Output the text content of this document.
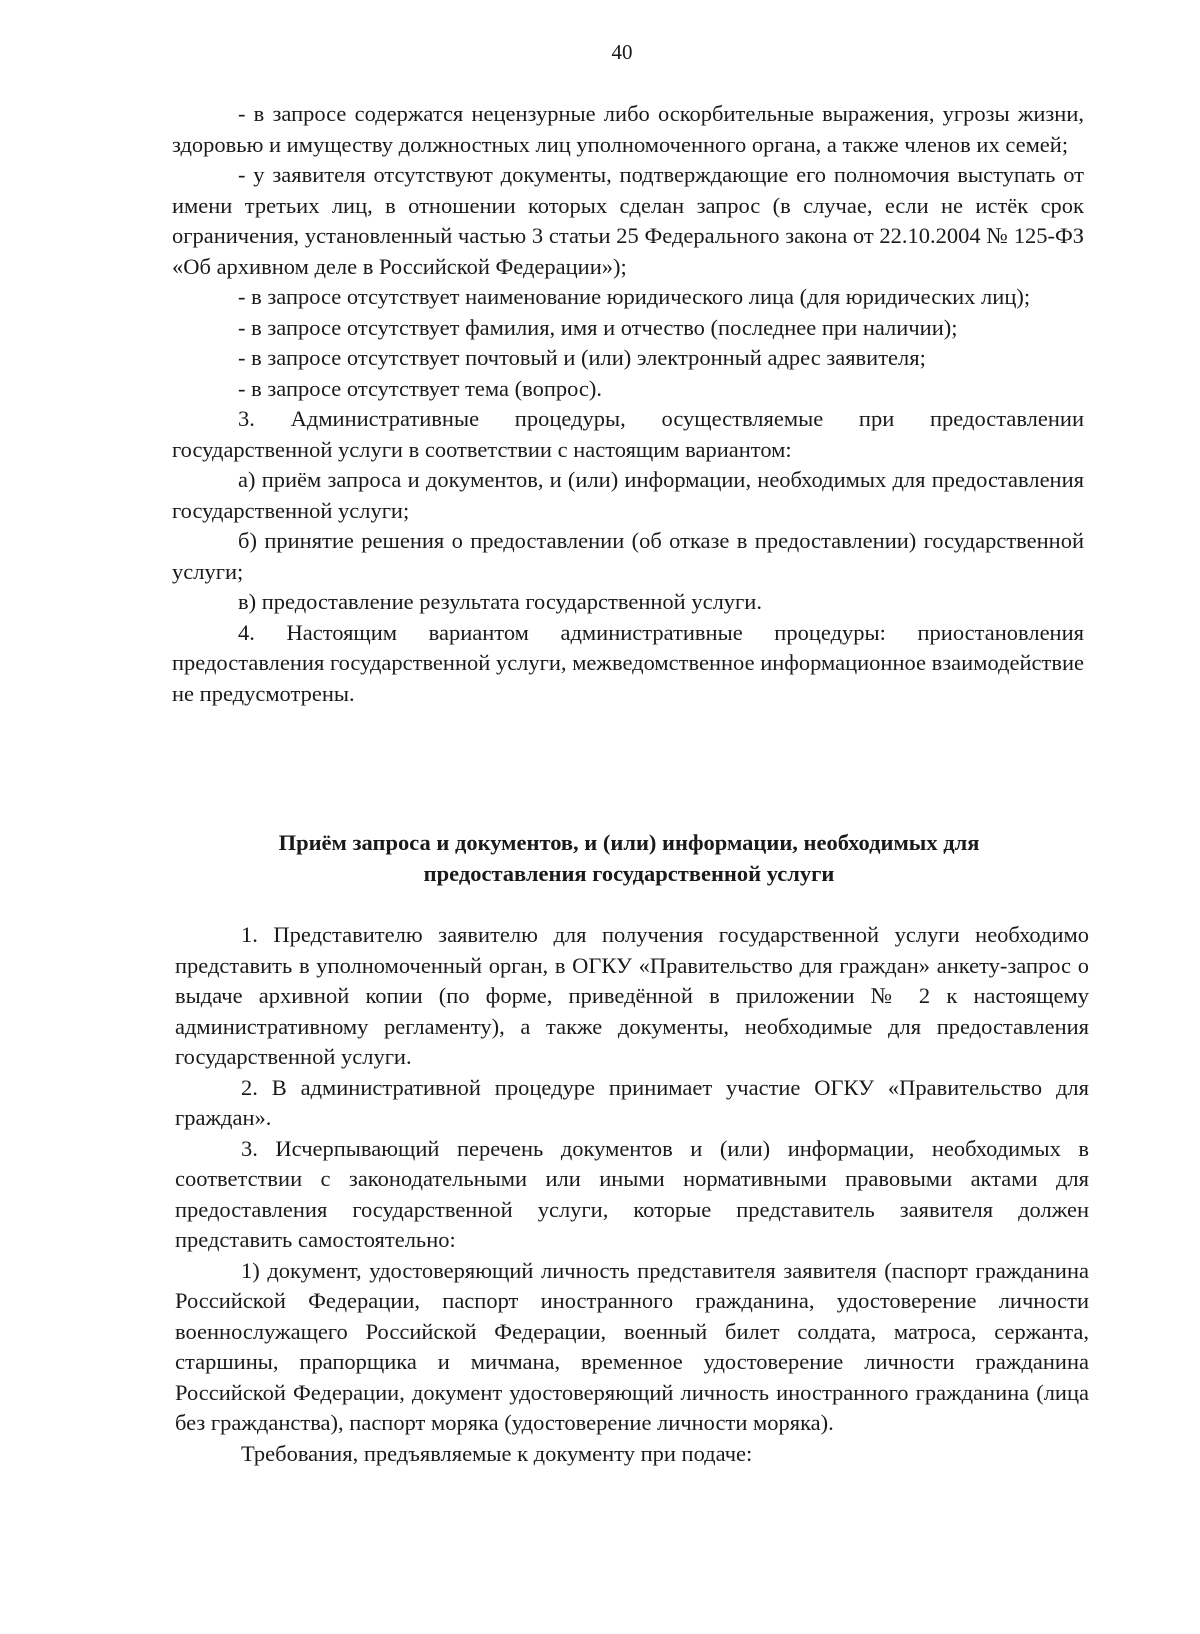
40

- в запросе содержатся нецензурные либо оскорбительные выражения, угрозы жизни, здоровью и имуществу должностных лиц уполномоченного органа, а также членов их семей;

- у заявителя отсутствуют документы, подтверждающие его полномочия выступать от имени третьих лиц, в отношении которых сделан запрос (в случае, если не истёк срок ограничения, установленный частью 3 статьи 25 Федерального закона от 22.10.2004 № 125-ФЗ «Об архивном деле в Российской Федерации»);

- в запросе отсутствует наименование юридического лица (для юридических лиц);

- в запросе отсутствует фамилия, имя и отчество (последнее при наличии);

- в запросе отсутствует почтовый и (или) электронный адрес заявителя;

- в запросе отсутствует тема (вопрос).

3. Административные процедуры, осуществляемые при предоставлении государственной услуги в соответствии с настоящим вариантом:

а) приём запроса и документов, и (или) информации, необходимых для предоставления государственной услуги;

б) принятие решения о предоставлении (об отказе в предоставлении) государственной услуги;

в) предоставление результата государственной услуги.

4. Настоящим вариантом административные процедуры: приостановления предоставления государственной услуги, межведомственное информационное взаимодействие не предусмотрены.

Приём запроса и документов, и (или) информации, необходимых для
предоставления государственной услуги

1. Представителю заявителю для получения государственной услуги необходимо представить в уполномоченный орган, в ОГКУ «Правительство для граждан» анкету-запрос о выдаче архивной копии (по форме, приведённой в приложении № 2 к настоящему административному регламенту), а также документы, необходимые для предоставления государственной услуги.

2. В административной процедуре принимает участие ОГКУ «Правительство для граждан».

3. Исчерпывающий перечень документов и (или) информации, необходимых в соответствии с законодательными или иными нормативными правовыми актами для предоставления государственной услуги, которые представитель заявителя должен представить самостоятельно:

1) документ, удостоверяющий личность представителя заявителя (паспорт гражданина Российской Федерации, паспорт иностранного гражданина, удостоверение личности военнослужащего Российской Федерации, военный билет солдата, матроса, сержанта, старшины, прапорщика и мичмана, временное удостоверение личности гражданина Российской Федерации, документ удостоверяющий личность иностранного гражданина (лица без гражданства), паспорт моряка (удостоверение личности моряка).

Требования, предъявляемые к документу при подаче:
